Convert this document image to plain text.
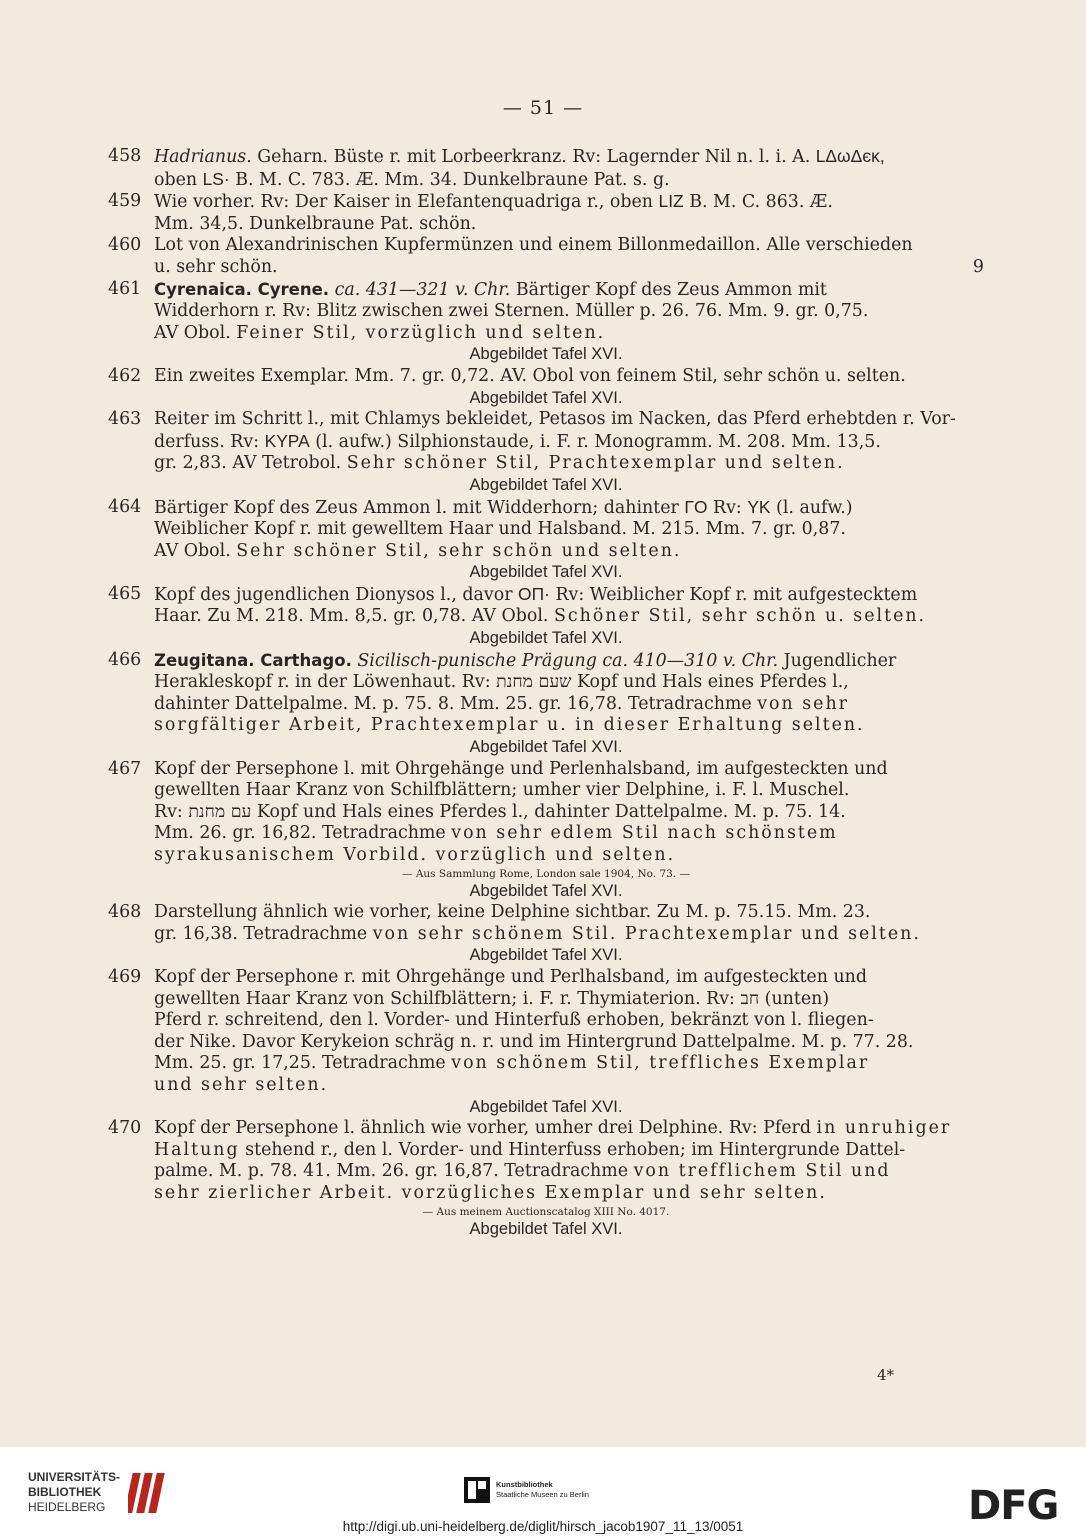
— 51 —
458 Hadrianus. Geharn. Büste r. mit Lorbeerkranz. Rv: Lagernder Nil n. l. i. A. LΔωΔєκ,
oben LS· B. M. C. 783. Æ. Mm. 34. Dunkelbraune Pat. s. g.
459 Wie vorher. Rv: Der Kaiser in Elefantenquadriga r., oben LIZ B. M. C. 863. Æ.
Mm. 34,5. Dunkelbraune Pat. schön.
460 Lot von Alexandrinischen Kupfermünzen und einem Billonmedaillon. Alle verschieden
u. sehr schön.	9
461 Cyrenaica. Cyrene. ca. 431—321 v. Chr. Bärtiger Kopf des Zeus Ammon mit
Widderhorn r. Rv: Blitz zwischen zwei Sternen. Müller p. 26. 76. Mm. 9. gr. 0,75.
AV Obol. Feiner Stil, vorzüglich und selten.
Abgebildet Tafel XVI.
462 Ein zweites Exemplar. Mm. 7. gr. 0,72. AV. Obol von feinem Stil, sehr schön u. selten.
Abgebildet Tafel XVI.
463 Reiter im Schritt l., mit Chlamys bekleidet, Petasos im Nacken, das Pferd erhebtden r. Vor-
derfuss. Rv: KYPA (l. aufw.) Silphionstaude, i. F. r. Monogramm. M. 208. Mm. 13,5.
gr. 2,83. AV Tetrobol. Sehr schöner Stil, Prachtexemplar und selten.
Abgebildet Tafel XVI.
464 Bärtiger Kopf des Zeus Ammon l. mit Widderhorn; dahinter ΓO Rv: YK (l. aufw.)
Weiblicher Kopf r. mit gewelltem Haar und Halsband. M. 215. Mm. 7. gr. 0,87.
AV Obol. Sehr schöner Stil, sehr schön und selten.
Abgebildet Tafel XVI.
465 Kopf des jugendlichen Dionysos l., davor OΠ· Rv: Weiblicher Kopf r. mit aufgestecktem
Haar. Zu M. 218. Mm. 8,5. gr. 0,78. AV Obol. Schöner Stil, sehr schön u. selten.
Abgebildet Tafel XVI.
466 Zeugitana. Carthago. Sicilisch-punische Prägung ca. 410—310 v. Chr. Jugendlicher
Herakleskopf r. in der Löwenhaut. Rv: שעם מחנת Kopf und Hals eines Pferdes l.,
dahinter Dattelpalme. M. p. 75. 8. Mm. 25. gr. 16,78. Tetradrachme von sehr
sorgfältiger Arbeit, Prachtexemplar u. in dieser Erhaltung selten.
Abgebildet Tafel XVI.
467 Kopf der Persephone l. mit Ohrgehänge und Perlenhalsband, im aufgesteckten und
gewellten Haar Kranz von Schilfblättern; umher vier Delphine, i. F. l. Muschel.
Rv: עם מחנת Kopf und Hals eines Pferdes l., dahinter Dattelpalme. M. p. 75. 14.
Mm. 26. gr. 16,82. Tetradrachme von sehr edlem Stil nach schönstem
syrakusanischem Vorbild. vorzüglich und selten.
— Aus Sammlung Rome, London sale 1904, No. 73. —
Abgebildet Tafel XVI.
468 Darstellung ähnlich wie vorher, keine Delphine sichtbar. Zu M. p. 75.15. Mm. 23.
gr. 16,38. Tetradrachme von sehr schönem Stil. Prachtexemplar und selten.
Abgebildet Tafel XVI.
469 Kopf der Persephone r. mit Ohrgehänge und Perlhalsband, im aufgesteckten und
gewellten Haar Kranz von Schilfblättern; i. F. r. Thymiaterion. Rv: חב (unten)
Pferd r. schreitend, den l. Vorder- und Hinterfuß erhoben, bekränzt von l. fliegen-
der Nike. Davor Kerykeion schräg n. r. und im Hintergrund Dattelpalme. M. p. 77. 28.
Mm. 25. gr. 17,25. Tetradrachme von schönem Stil, treffliches Exemplar
und sehr selten.
Abgebildet Tafel XVI.
470 Kopf der Persephone l. ähnlich wie vorher, umher drei Delphine. Rv: Pferd in unruhiger
Haltung stehend r., den l. Vorder- und Hinterfuss erhoben; im Hintergrunde Dattel-
palme. M. p. 78. 41. Mm. 26. gr. 16,87. Tetradrachme von trefflichem Stil und
sehr zierlicher Arbeit. vorzügliches Exemplar und sehr selten.
— Aus meinem Auctionscatalog XIII No. 4017.
Abgebildet Tafel XVI.
4*
UNIVERSITÄTS-
BIBLIOTHEK
HEIDELBERG
Kunstbibliothek
Staatliche Museen zu Berlin	DFG
http://digi.ub.uni-heidelberg.de/diglit/hirsch_jacob1907_11_13/0051
